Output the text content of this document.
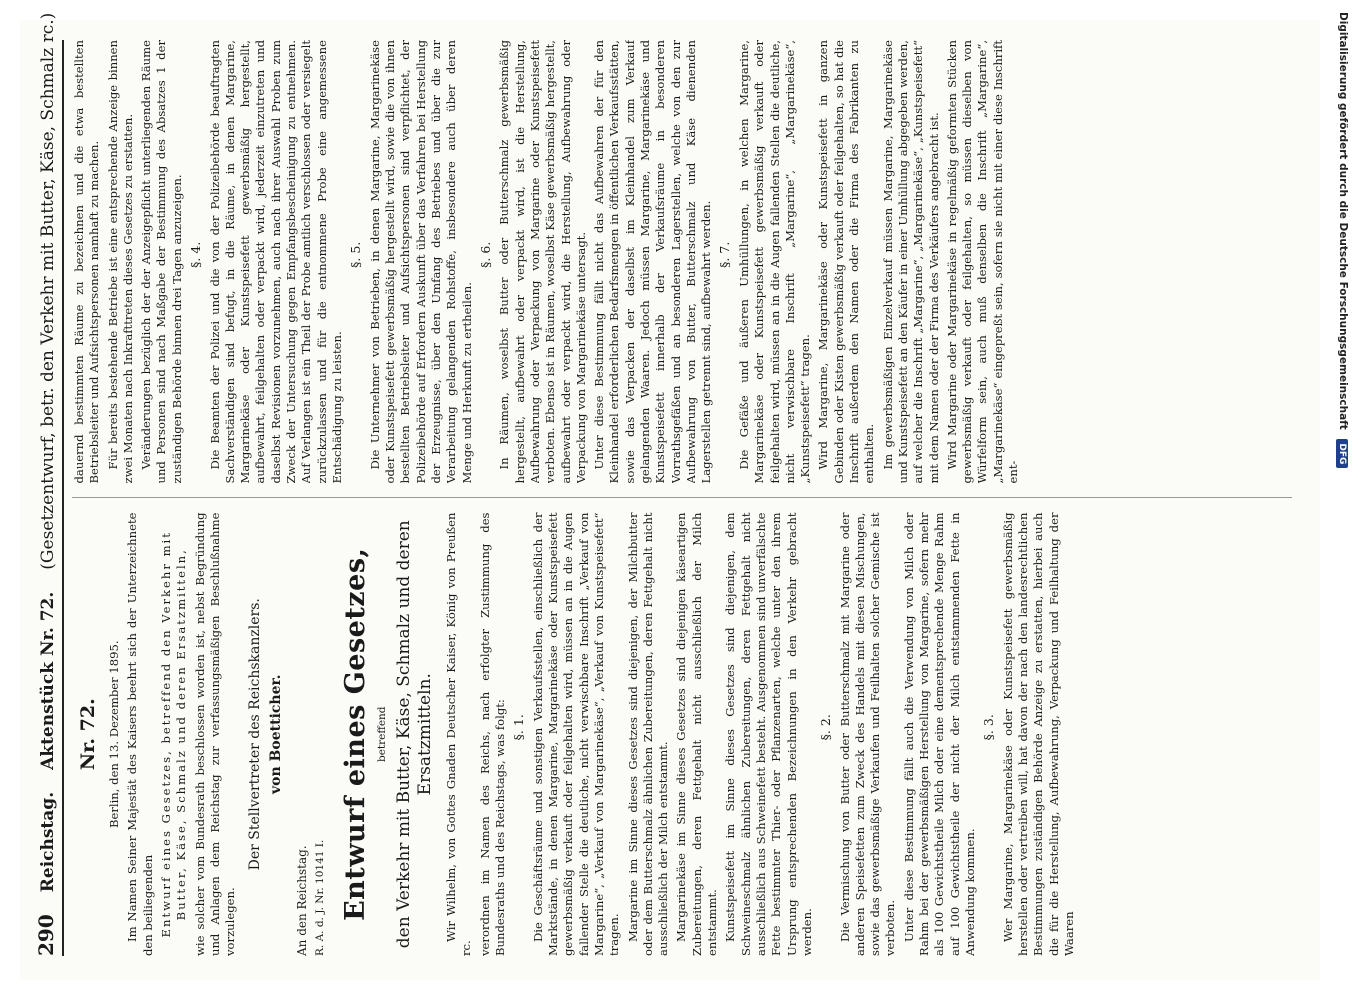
290
Reichstag.
Aktenstück Nr. 72.
(Gesetzentwurf, betr. den Verkehr mit Butter, Käse, Schmalz rc.)
Nr. 72. Berlin, den 13. Dezember 1895. Im Namen Seiner Majestät des Kaisers beehrt sich der Unterzeichnete den beiliegenden Entwurf eines Gesetzes, betreffend den Verkehr mit Butter, Käse, Schmalz und deren Ersatzmitteln, wie solcher vom Bundesrath beschlossen worden ist, nebst Begründung und Anlagen dem Reichstag zur verfassungsmäßigen Beschlußnahme vorzulegen.

Der Stellvertreter des Reichskanzlers. von Boetticher.

An den Reichstag. R. A. d. J. Nr. 10141 I. Entwurf eines Gesetzes, betreffend den Verkehr mit Butter, Käse, Schmalz und deren Ersatzmitteln. Wir Wilhelm, von Gottes Gnaden Deutscher Kaiser, König von Preußen rc. verordnen im Namen des Reichs, nach erfolgter Zustimmung des Bundesraths und des Reichstags, was folgt: §. 1. Die Geschäftsräume und sonstigen Verkaufsstellen, einschließlich der Marktstände, in denen Margarine, Margarinekäse oder Kunstspeisefett gewerbsmäßig verkauft oder feilgehalten wird, müssen an in die Augen fallender Stelle die deutliche, nicht verwischbare Inschrift „Verkauf von Margarine“, „Verkauf von Margarinekäse“, „Verkauf von Kunstspeisefett“ tragen. Margarine im Sinne dieses Gesetzes sind diejenigen, der Milchbutter oder dem Butterschmalz ähnlichen Zubereitungen, deren Fettgehalt nicht ausschließlich der Milch entstammt. Margarinekäse im Sinne dieses Gesetzes sind diejenigen käseartigen Zubereitungen, deren Fettgehalt nicht ausschließlich der Milch entstammt. Kunstspeisefett im Sinne dieses Gesetzes sind diejenigen, dem Schweineschmalz ähnlichen Zubereitungen, deren Fettgehalt nicht ausschließlich aus Schweinefett besteht. Ausgenommen sind unverfälschte Fette bestimmter Thier- oder Pflanzenarten, welche unter den ihrem Ursprung entsprechenden Bezeichnungen in den Verkehr gebracht werden.

§. 2. Die Vermischung von Butter oder Butterschmalz mit Margarine oder anderen Speisefetten zum Zweck des Handels mit diesen Mischungen, sowie das gewerbsmäßige Verkaufen und Feilhalten solcher Gemische ist verboten. Unter diese Bestimmung fällt auch die Verwendung von Milch oder Rahm bei der gewerbsmäßigen Herstellung von Margarine, sofern mehr als 100 Gewichtstheile Milch oder eine dementsprechende Menge Rahm auf 100 Gewichtstheile der nicht der Milch entstammenden Fette in Anwendung kommen.

§. 3. Wer Margarine, Margarinekäse oder Kunstspeisefett gewerbsmäßig herstellen oder vertreiben will, hat davon der nach den landesrechtlichen Bestimmungen zuständigen Behörde Anzeige zu erstatten, hierbei auch die für die Herstellung, Aufbewahrung, Verpackung und Feilhaltung der Waaren

dauernd bestimmten Räume zu bezeichnen und die etwa bestellten Betriebsleiter und Aufsichtspersonen namhaft zu machen. Für bereits bestehende Betriebe ist eine entsprechende Anzeige binnen zwei Monaten nach Inkrafttreten dieses Gesetzes zu erstatten. Veränderungen bezüglich der der Anzeigepflicht unterliegenden Räume und Personen sind nach Maßgabe der Bestimmung des Absatzes 1 der zuständigen Behörde binnen drei Tagen anzuzeigen. §. 4. Die Beamten der Polizei und die von der Polizeibehörde beauftragten Sachverständigen sind befugt, in die Räume, in denen Margarine, Margarinekäse oder Kunstspeisefett gewerbsmäßig hergestellt, aufbewahrt, feilgehalten oder verpackt wird, jederzeit einzutreten und daselbst Revisionen vorzunehmen, auch nach ihrer Auswahl Proben zum Zweck der Untersuchung gegen Empfangsbescheinigung zu entnehmen. Auf Verlangen ist ein Theil der Probe amtlich verschlossen oder versiegelt zurückzulassen und für die entnommene Probe eine angemessene Entschädigung zu leisten.

§. 5. Die Unternehmer von Betrieben, in denen Margarine, Margarinekäse oder Kunstspeisefett gewerbsmäßig hergestellt wird, sowie die von ihnen bestellten Betriebsleiter und Aufsichtspersonen sind verpflichtet, der Polizeibehörde auf Erfordern Auskunft über das Verfahren bei Herstellung der Erzeugnisse, über den Umfang des Betriebes und über die zur Verarbeitung gelangenden Rohstoffe, insbesondere auch über deren Menge und Herkunft zu ertheilen.

§. 6. In Räumen, woselbst Butter oder Butterschmalz gewerbsmäßig hergestellt, aufbewahrt oder verpackt wird, ist die Herstellung, Aufbewahrung oder Verpackung von Margarine oder Kunstspeisefett verboten. Ebenso ist in Räumen, woselbst Käse gewerbsmäßig hergestellt, aufbewahrt oder verpackt wird, die Herstellung, Aufbewahrung oder Verpackung von Margarinekäse untersagt. Unter diese Bestimmung fällt nicht das Aufbewahren der für den Kleinhandel erforderlichen Bedarfsmengen in öffentlichen Verkaufsstätten, sowie das Verpacken der daselbst im Kleinhandel zum Verkauf gelangenden Waaren. Jedoch müssen Margarine, Margarinekäse und Kunstspeisefett innerhalb der Verkaufsräume in besonderen Vorrathsgefäßen und an besonderen Lagerstellen, welche von den zur Aufbewahrung von Butter, Butterschmalz und Käse dienenden Lagerstellen getrennt sind, aufbewahrt werden. §. 7. Die Gefäße und äußeren Umhüllungen, in welchen Margarine, Margarinekäse oder Kunstspeisefett gewerbsmäßig verkauft oder feilgehalten wird, müssen an in die Augen fallenden Stellen die deutliche, nicht verwischbare Inschrift „Margarine“, „Margarinekäse“, „Kunstspeisefett“ tragen. Wird Margarine, Margarinekäse oder Kunstspeisefett in ganzen Gebinden oder Kisten gewerbsmäßig verkauft oder feilgehalten, so hat die Inschrift außerdem den Namen oder die Firma des Fabrikanten zu enthalten. Im gewerbsmäßigen Einzelverkauf müssen Margarine, Margarinekäse und Kunstspeisefett an den Käufer in einer Umhüllung abgegeben werden, auf welcher die Inschrift „Margarine“, „Margarinekäse“, „Kunstspeisefett“ mit dem Namen oder der Firma des Verkäufers angebracht ist. Wird Margarine oder Margarinekäse in regelmäßig geformten Stücken gewerbsmäßig verkauft oder feilgehalten, so müssen dieselben von Würfelform sein, auch muß denselben die Inschrift „Margarine“, „Margarinekäse“ eingepreßt sein, sofern sie nicht mit einer diese Inschrift ent-

Digitalisierung gefördert durch die Deutsche Forschungsgemeinschaft DFG
